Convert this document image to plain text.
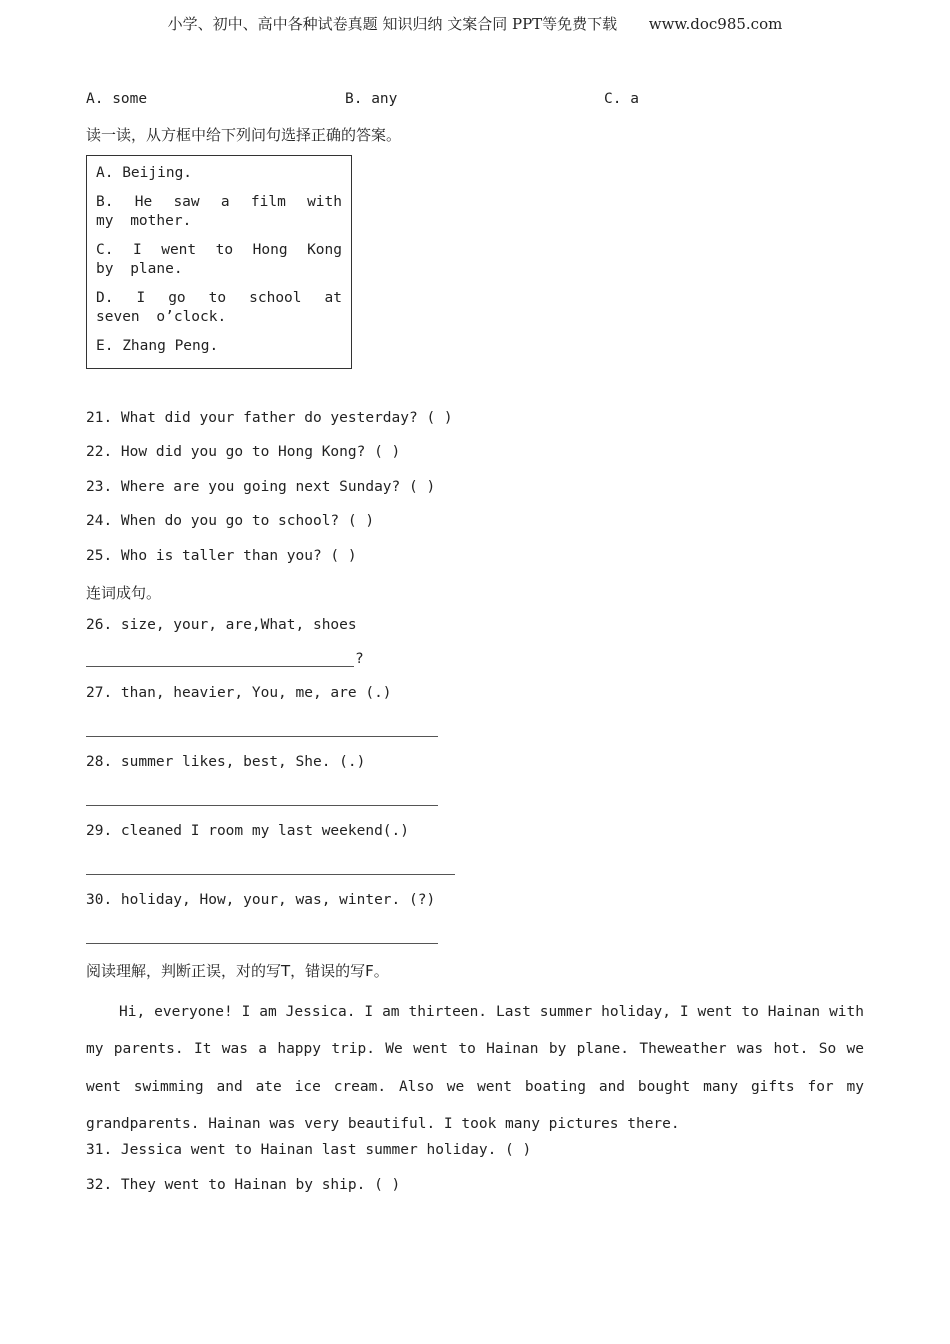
小学、初中、高中各种试卷真题 知识归纳 文案合同 PPT等免费下载 www.doc985.com
A. some	B. any	C. a
读一读，从方框中给下列问句选择正确的答案。
A. Beijing.
B. He saw a film with my mother.
C. I went to Hong Kong by plane.
D. I go to school at seven o’clock.
E. Zhang Peng.
21. What did your father do yesterday? ( )
22. How did you go to Hong Kong? ( )
23. Where are you going next Sunday? ( )
24. When do you go to school? ( )
25. Who is taller than you? ( )
连词成句。
26. size, your, are,What, shoes
?
27. than, heavier, You, me, are (.)
28. summer likes, best, She. (.)
29. cleaned I room my last weekend(.)
30. holiday, How, your, was, winter. (?)
阅读理解，判断正误，对的写T，错误的写F。

Hi, everyone! I am Jessica. I am thirteen. Last summer holiday, I went to Hainan with my parents. It was a happy trip. We went to Hainan by plane. Theweather was hot. So we went swimming and ate ice cream. Also we went boating and bought many gifts for my grandparents. Hainan was very beautiful. I took many pictures there.

31. Jessica went to Hainan last summer holiday. ( )
32. They went to Hainan by ship. ( )
